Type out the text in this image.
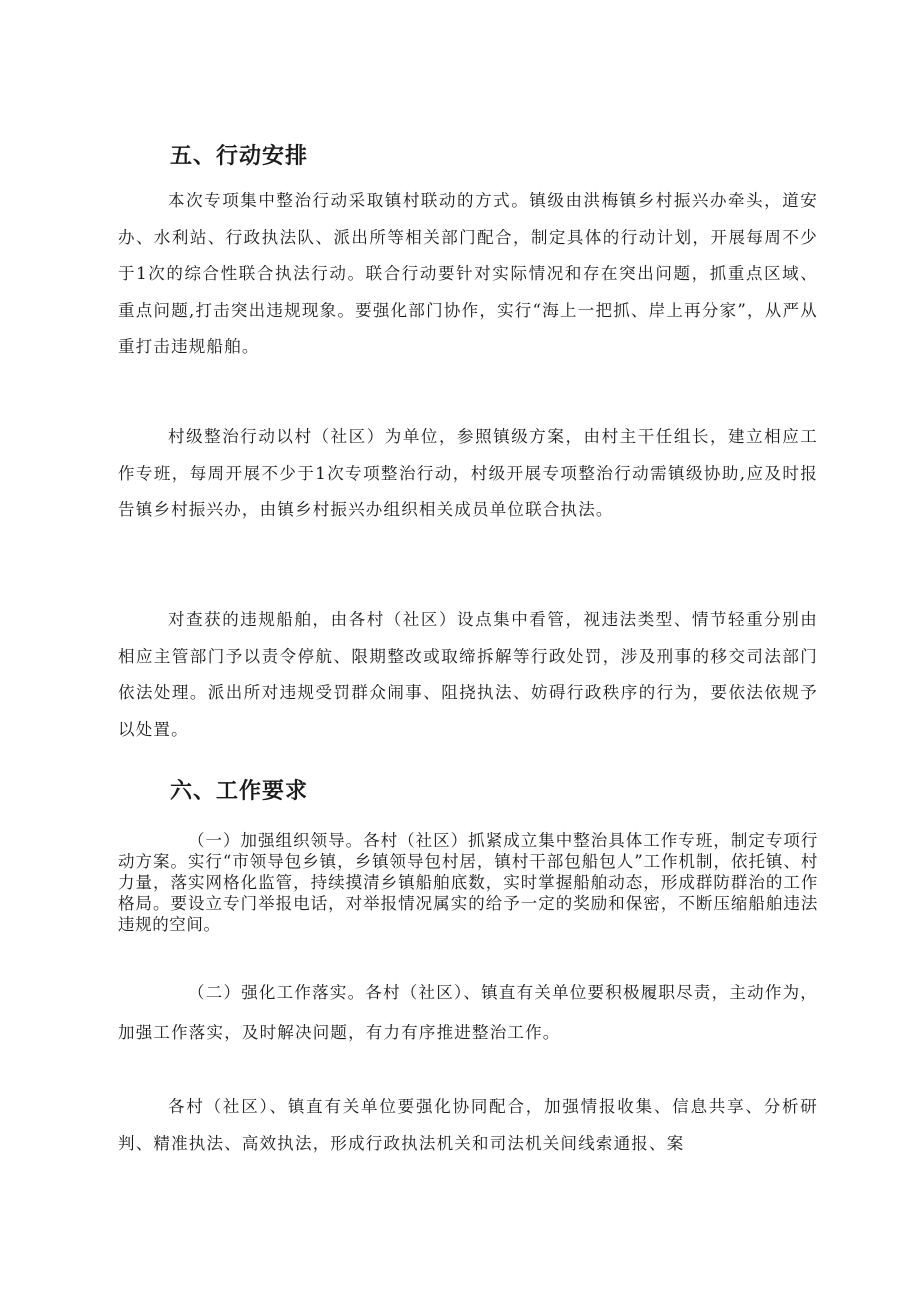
五、行动安排

本次专项集中整治行动采取镇村联动的方式。镇级由洪梅镇乡村振兴办牵头，道安办、水利站、行政执法队、派出所等相关部门配合，制定具体的行动计划，开展每周不少于1次的综合性联合执法行动。联合行动要针对实际情况和存在突出问题，抓重点区域、重点问题,打击突出违规现象。要强化部门协作，实行“海上一把抓、岸上再分家”，从严从重打击违规船舶。

村级整治行动以村（社区）为单位，参照镇级方案，由村主干任组长，建立相应工作专班，每周开展不少于1次专项整治行动，村级开展专项整治行动需镇级协助,应及时报告镇乡村振兴办，由镇乡村振兴办组织相关成员单位联合执法。

对查获的违规船舶，由各村（社区）设点集中看管，视违法类型、情节轻重分别由相应主管部门予以责令停航、限期整改或取缔拆解等行政处罚，涉及刑事的移交司法部门依法处理。派出所对违规受罚群众闹事、阻挠执法、妨碍行政秩序的行为，要依法依规予以处置。

六、工作要求

（一）加强组织领导。各村（社区）抓紧成立集中整治具体工作专班，制定专项行动方案。实行“市领导包乡镇，乡镇领导包村居，镇村干部包船包人”工作机制，依托镇、村力量，落实网格化监管，持续摸清乡镇船舶底数，实时掌握船舶动态，形成群防群治的工作格局。要设立专门举报电话，对举报情况属实的给予一定的奖励和保密，不断压缩船舶违法违规的空间。

（二）强化工作落实。各村（社区）、镇直有关单位要积极履职尽责，主动作为，加强工作落实，及时解决问题，有力有序推进整治工作。

各村（社区）、镇直有关单位要强化协同配合，加强情报收集、信息共享、分析研判、精准执法、高效执法，形成行政执法机关和司法机关间线索通报、案
